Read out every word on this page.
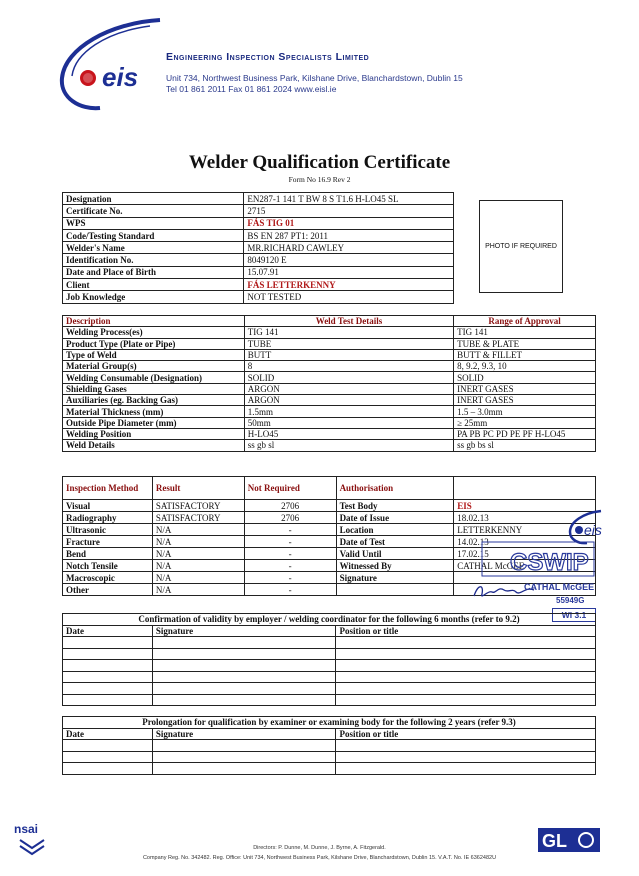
eis
Engineering Inspection Specialists Limited
Unit 734, Northwest Business Park, Kilshane Drive, Blanchardstown, Dublin 15
Tel 01 861 2011 Fax 01 861 2024 www.eisl.ie
Welder Qualification Certificate
Form No 16.9 Rev 2
Designation	EN287-1 141 T BW 8 S T1.6 H-LO45 SL
Certificate No.	2715
WPS	FÁS TIG 01
Code/Testing Standard	BS EN 287 PT1: 2011
Welder's Name	MR.RICHARD CAWLEY
Identification No.	8049120 E
Date and Place of Birth	15.07.91
Client	FÁS LETTERKENNY
Job Knowledge	NOT TESTED
PHOTO IF REQUIRED
Description	Weld Test Details	Range of Approval
Welding Process(es)	TIG 141	TIG 141
Product Type (Plate or Pipe)	TUBE	TUBE & PLATE
Type of Weld	BUTT	BUTT & FILLET
Material Group(s)	8	8, 9.2, 9.3, 10
Welding Consumable (Designation)	SOLID	SOLID
Shielding Gases	ARGON	INERT GASES
Auxiliaries (eg. Backing Gas)	ARGON	INERT GASES
Material Thickness (mm)	1.5mm	1.5 – 3.0mm
Outside Pipe Diameter (mm)	50mm	≥ 25mm
Welding Position	H-LO45	PA PB PC PD PE PF H-LO45
Weld Details	ss gb sl	ss gb bs sl
Inspection Method	Result	Not Required	Authorisation	
Visual	SATISFACTORY	2706	Test Body	EIS
Radiography	SATISFACTORY	2706	Date of Issue	18.02.13
Ultrasonic	N/A	-	Location	LETTERKENNY
Fracture	N/A	-	Date of Test	14.02.13
Bend	N/A	-	Valid Until	17.02.15
Notch Tensile	N/A	-	Witnessed By	CATHAL McGEE
Macroscopic	N/A	-	Signature	
Other	N/A	-		
eis
CSWIP
CATHAL McGEE
55949G
WI 3.1
Confirmation of validity by employer / welding coordinator for the following 6 months (refer to 9.2)		
Date	Signature	Position or title

Prolongation for qualification by examiner or examining body for the following 2 years (refer 9.3)		
Date	Signature	Position or title

nsai
GL
Directors: P. Dunne, M. Dunne, J. Byrne, A. Fitzgerald.
Company Reg. No. 342482. Reg. Office: Unit 734, Northwest Business Park, Kilshane Drive, Blanchardstown, Dublin 15. V.A.T. No. IE 6362482U
